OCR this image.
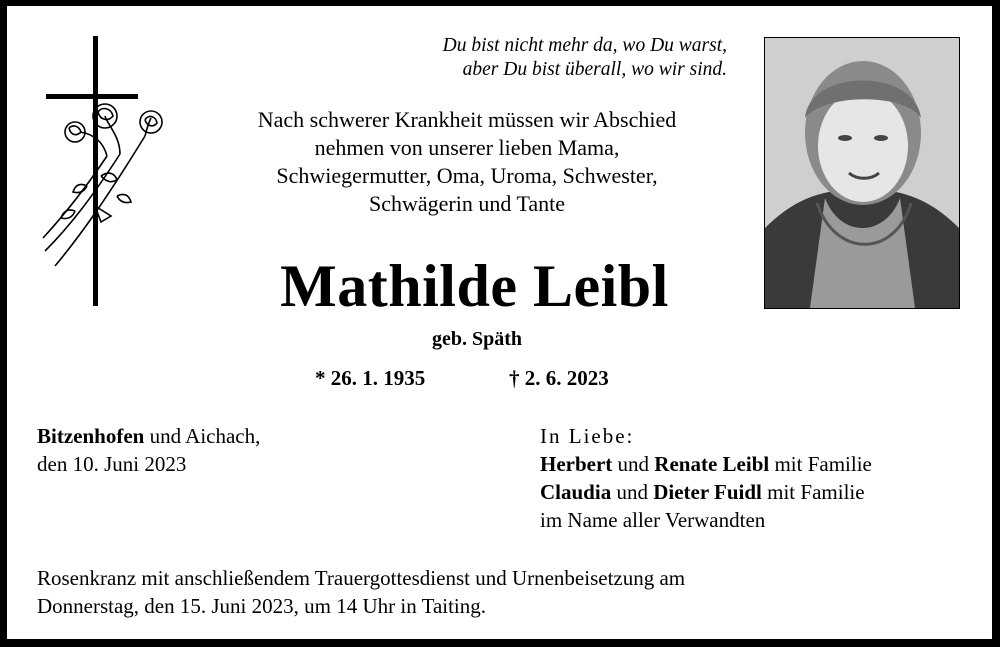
Du bist nicht mehr da, wo Du warst,
aber Du bist überall, wo wir sind.
Nach schwerer Krankheit müssen wir Abschied
nehmen von unserer lieben Mama,
Schwiegermutter, Oma, Uroma, Schwester,
Schwägerin und Tante
Mathilde Leibl
geb. Späth
* 26. 1. 1935	† 2. 6. 2023
Bitzenhofen und Aichach,
den 10. Juni 2023
In Liebe:
Herbert und Renate Leibl mit Familie
Claudia und Dieter Fuidl mit Familie
im Name aller Verwandten
Rosenkranz mit anschließendem Trauergottesdienst und Urnenbeisetzung am
Donnerstag, den 15. Juni 2023, um 14 Uhr in Taiting.
